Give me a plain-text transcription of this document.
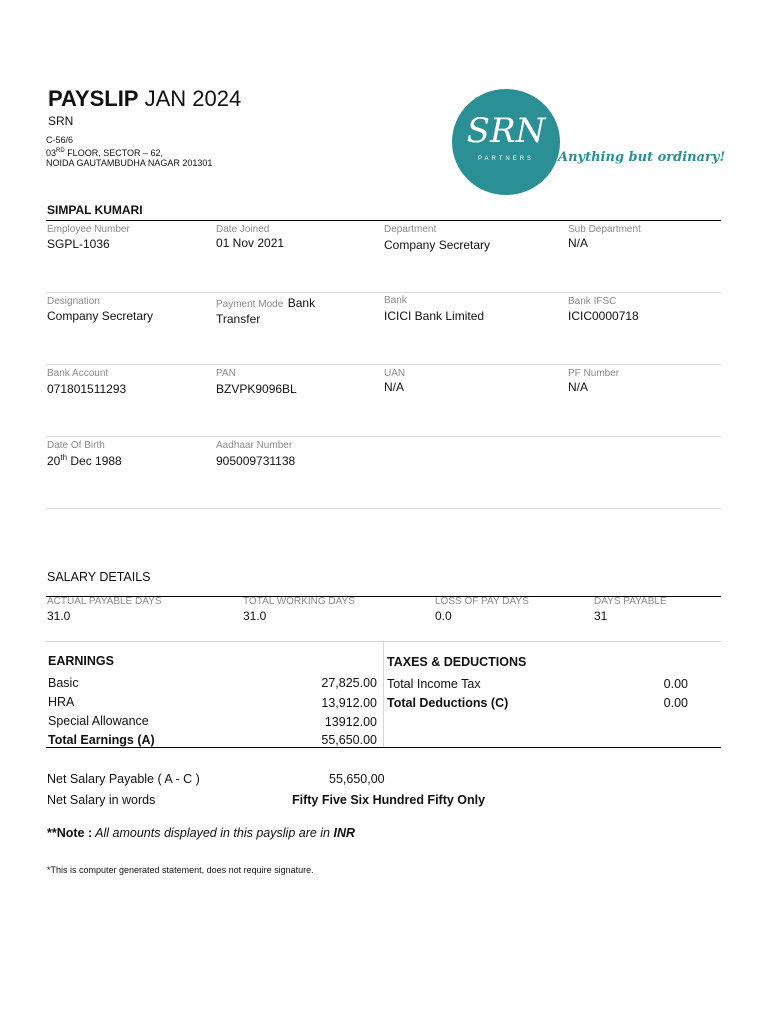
PAYSLIP JAN 2024
SRN
C-56/6
03RD FLOOR, SECTOR – 62,
NOIDA GAUTAMBUDHA NAGAR 201301
SRN
PARTNERS	Anything but ordinary!
SIMPAL KUMARI
Employee Number
SGPL-1036
Date Joined
01 Nov 2021
Department
Company Secretary
Sub Department
N/A
Designation
Company Secretary
Payment Mode Bank Transfer
Bank
ICICI Bank Limited
Bank IFSC
ICIC0000718
Bank Account
071801511293
PAN
BZVPK9096BL
UAN
N/A
PF Number
N/A
Date Of Birth
20th Dec 1988
Aadhaar Number
905009731138
SALARY DETAILS
ACTUAL PAYABLE DAYS
31.0
TOTAL WORKING DAYS
31.0
LOSS OF PAY DAYS
0.0
DAYS PAYABLE
31
EARNINGS	TAXES & DEDUCTIONS
Basic	27,825.00
HRA	13,912.00
Special Allowance	13912.00
Total Earnings (A)	55,650.00
Total Income Tax	0.00
Total Deductions (C)	0.00
Net Salary Payable ( A - C )	55,650,00
Net Salary in words	Fifty Five Six Hundred Fifty Only
**Note : All amounts displayed in this payslip are in INR
*This is computer generated statement, does not require signature.
